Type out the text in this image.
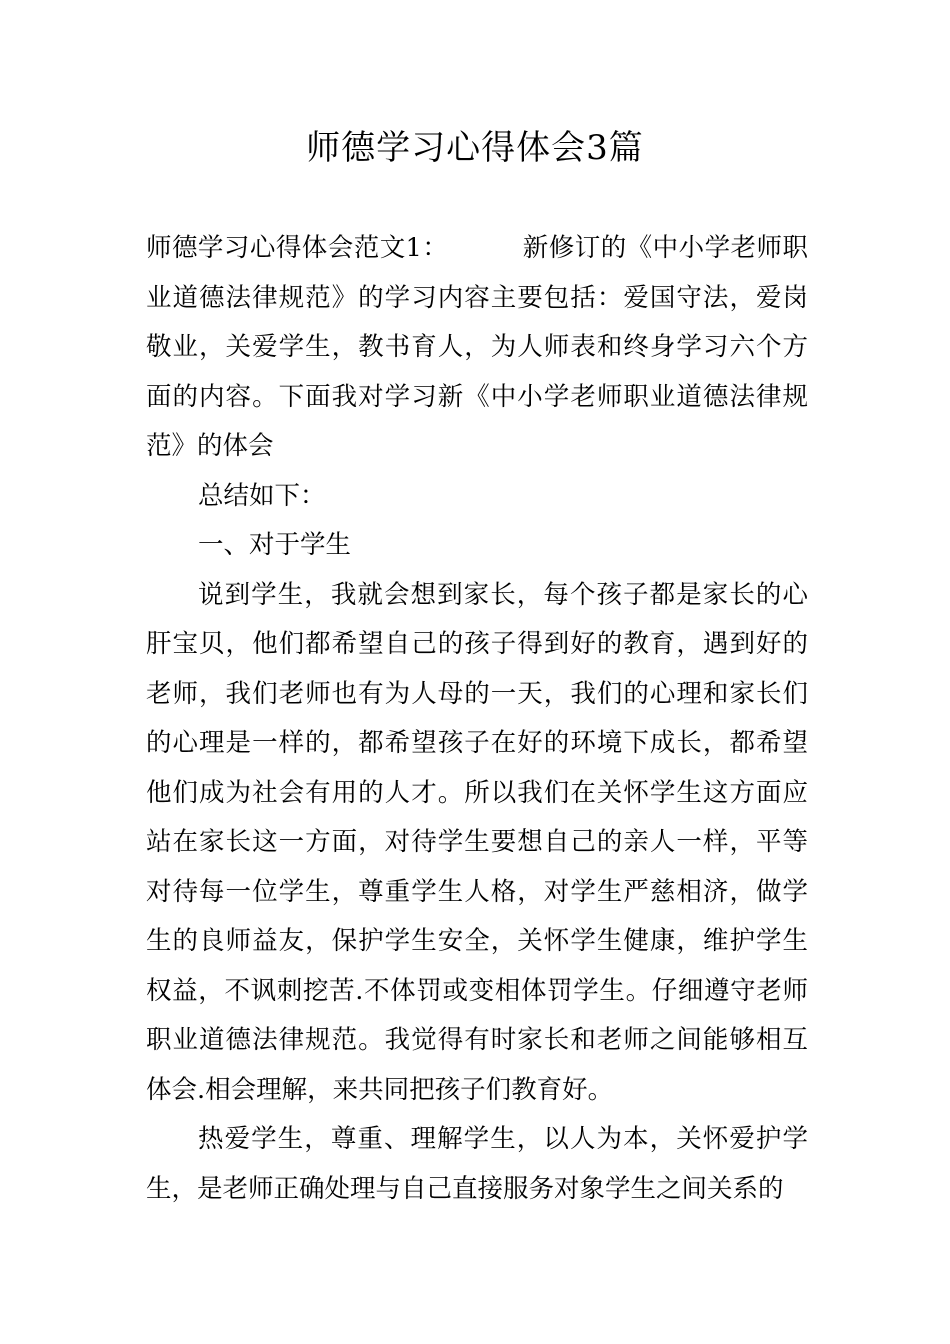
师德学习心得体会3篇

师德学习心得体会范文1：	新修订的《中小学老师职业道德法律规范》的学习内容主要包括：爱国守法，爱岗敬业，关爱学生，教书育人，为人师表和终身学习六个方面的内容。下面我对学习新《中小学老师职业道德法律规范》的体会

总结如下：

一、对于学生

说到学生，我就会想到家长，每个孩子都是家长的心肝宝贝，他们都希望自己的孩子得到好的教育，遇到好的老师，我们老师也有为人母的一天，我们的心理和家长们的心理是一样的，都希望孩子在好的环境下成长，都希望他们成为社会有用的人才。所以我们在关怀学生这方面应站在家长这一方面，对待学生要想自己的亲人一样，平等对待每一位学生，尊重学生人格，对学生严慈相济，做学生的良师益友，保护学生安全，关怀学生健康，维护学生权益，不讽刺挖苦.不体罚或变相体罚学生。仔细遵守老师职业道德法律规范。我觉得有时家长和老师之间能够相互体会.相会理解，来共同把孩子们教育好。

热爱学生，尊重、理解学生，以人为本，关怀爱护学生，是老师正确处理与自己直接服务对象学生之间关系的
